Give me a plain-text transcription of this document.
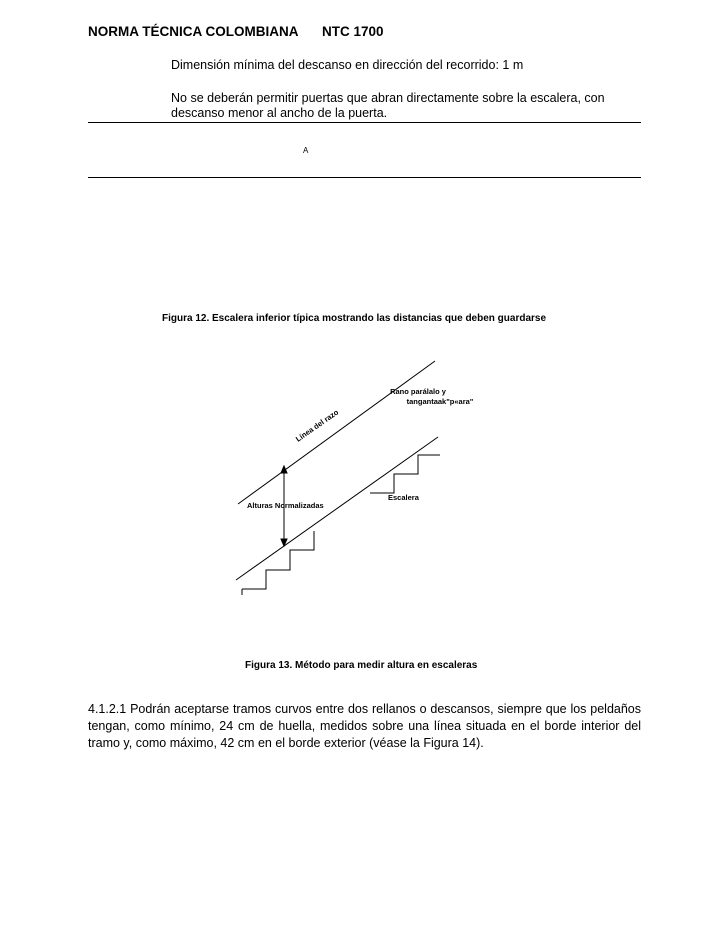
NORMA TÉCNICA COLOMBIANA NTC 1700
Dimensión mínima del descanso en dirección del recorrido: 1 m
No se deberán permitir puertas que abran directamente sobre la escalera, con
descanso menor al ancho de la puerta.
A
Figura 12. Escalera inferior típica mostrando las distancias que deben guardarse
Línea del razo
Rano parálalo y
tangantaak"p«ara"
Alturas Normalizadas
Escalera
Figura 13. Método para medir altura en escaleras
4.1.2.1 Podrán aceptarse tramos curvos entre dos rellanos o descansos, siempre que los peldaños
tengan, como mínimo, 24 cm de huella, medidos sobre una línea situada en el borde interior del
tramo y, como máximo, 42 cm en el borde exterior (véase la Figura 14).
